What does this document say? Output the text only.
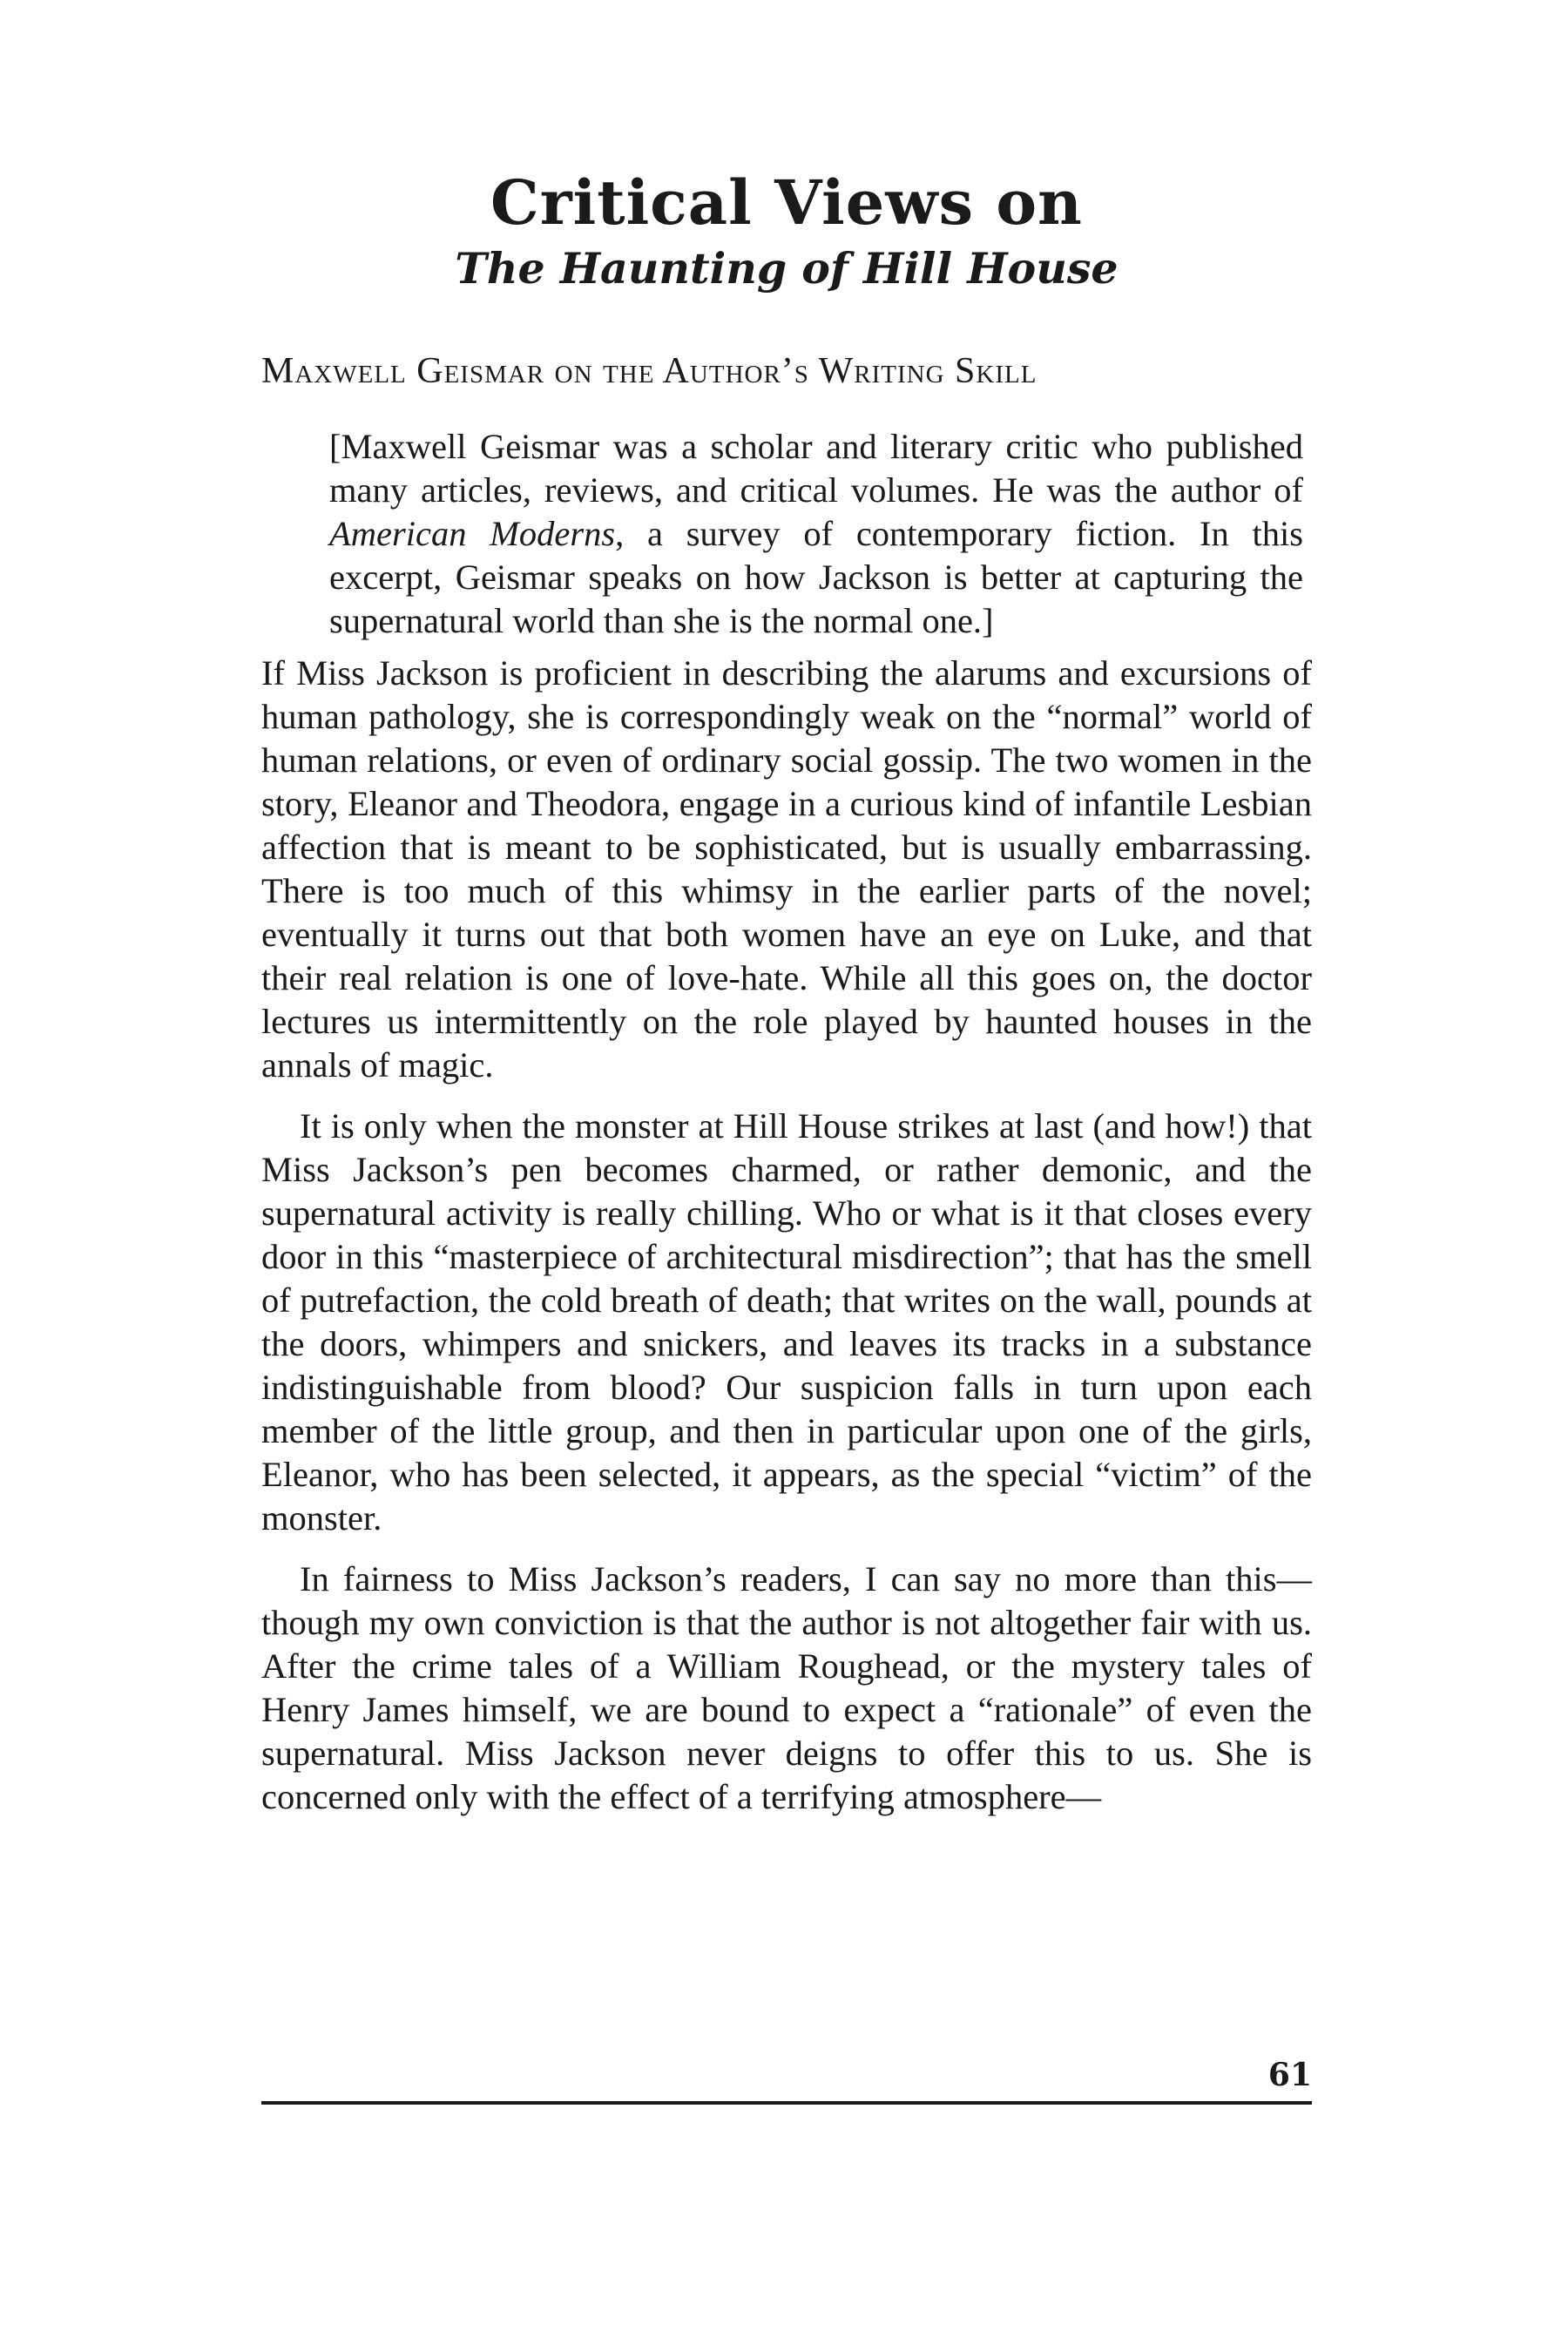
Critical Views on
The Haunting of Hill House
Maxwell Geismar on the Author’s Writing Skill

[Maxwell Geismar was a scholar and literary critic who published many articles, reviews, and critical volumes. He was the author of American Moderns, a survey of contemporary fiction. In this excerpt, Geismar speaks on how Jackson is better at capturing the supernatural world than she is the normal one.]

If Miss Jackson is proficient in describing the alarums and excursions of human pathology, she is correspondingly weak on the “normal” world of human relations, or even of ordinary social gossip. The two women in the story, Eleanor and Theodora, engage in a curious kind of infantile Lesbian affection that is meant to be sophisticated, but is usually embarrassing. There is too much of this whimsy in the earlier parts of the novel; eventually it turns out that both women have an eye on Luke, and that their real relation is one of love-hate. While all this goes on, the doctor lectures us intermittently on the role played by haunted houses in the annals of magic.

It is only when the monster at Hill House strikes at last (and how!) that Miss Jackson’s pen becomes charmed, or rather demonic, and the supernatural activity is really chilling. Who or what is it that closes every door in this “masterpiece of architectural misdirection”; that has the smell of putrefaction, the cold breath of death; that writes on the wall, pounds at the doors, whimpers and snickers, and leaves its tracks in a substance indistinguishable from blood? Our suspicion falls in turn upon each member of the little group, and then in particular upon one of the girls, Eleanor, who has been selected, it appears, as the special “victim” of the monster.

In fairness to Miss Jackson’s readers, I can say no more than this—though my own conviction is that the author is not altogether fair with us. After the crime tales of a William Roughead, or the mystery tales of Henry James himself, we are bound to expect a “rationale” of even the supernatural. Miss Jackson never deigns to offer this to us. She is concerned only with the effect of a terrifying atmosphere—

61
